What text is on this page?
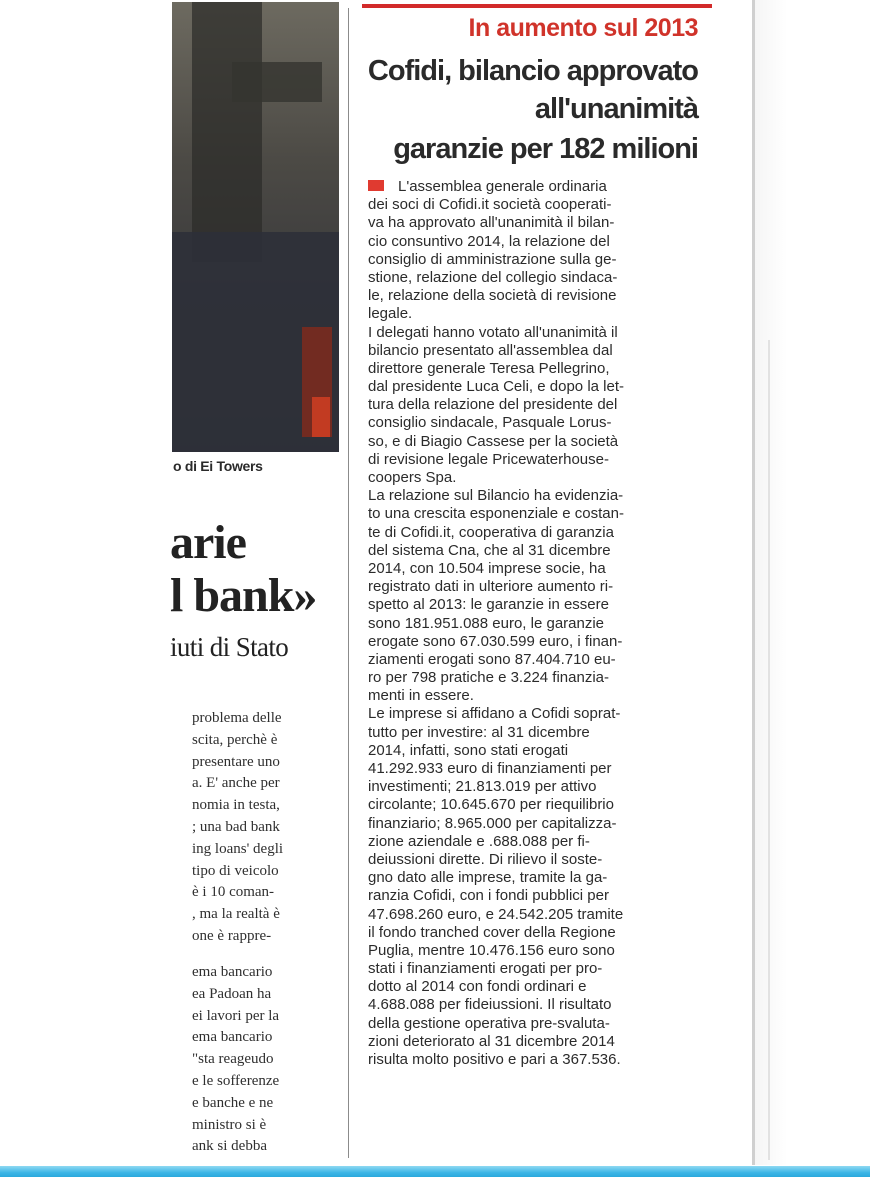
o di Ei Towers
arie
l bank»
iuti di Stato
problema delle
scita, perchè è
presentare uno
a. E' anche per
nomia in testa,
; una bad bank
ing loans' degli
tipo di veicolo
è i 10 coman-
, ma la realtà è
one è rappre-
ema bancario
ea Padoan ha
ei lavori per la
ema bancario
"sta reageudo
e le sofferenze
e banche e ne
ministro si è
ank si debba
In aumento sul 2013
Cofidi, bilancio approvato
all'unanimità
garanzie per 182 milioni
L'assemblea generale ordinaria
dei soci di Cofidi.it società cooperati-
va ha approvato all'unanimità il bilan-
cio consuntivo 2014, la relazione del
consiglio di amministrazione sulla ge-
stione, relazione del collegio sindaca-
le, relazione della società di revisione
legale.
I delegati hanno votato all'unanimità il
bilancio presentato all'assemblea dal
direttore generale Teresa Pellegrino,
dal presidente Luca Celi, e dopo la let-
tura della relazione del presidente del
consiglio sindacale, Pasquale Lorus-
so, e di Biagio Cassese per la società
di revisione legale Pricewaterhouse-
coopers Spa.
La relazione sul Bilancio ha evidenzia-
to una crescita esponenziale e costan-
te di Cofidi.it, cooperativa di garanzia
del sistema Cna, che al 31 dicembre
2014, con 10.504 imprese socie, ha
registrato dati in ulteriore aumento ri-
spetto al 2013: le garanzie in essere
sono 181.951.088 euro, le garanzie
erogate sono 67.030.599 euro, i finan-
ziamenti erogati sono 87.404.710 eu-
ro per 798 pratiche e 3.224 finanzia-
menti in essere.
Le imprese si affidano a Cofidi soprat-
tutto per investire: al 31 dicembre
2014, infatti, sono stati erogati
41.292.933 euro di finanziamenti per
investimenti; 21.813.019 per attivo
circolante; 10.645.670 per riequilibrio
finanziario; 8.965.000 per capitalizza-
zione aziendale e .688.088 per fi-
deiussioni dirette. Di rilievo il soste-
gno dato alle imprese, tramite la ga-
ranzia Cofidi, con i fondi pubblici per
47.698.260 euro, e 24.542.205 tramite
il fondo tranched cover della Regione
Puglia, mentre 10.476.156 euro sono
stati i finanziamenti erogati per pro-
dotto al 2014 con fondi ordinari e
4.688.088 per fideiussioni. Il risultato
della gestione operativa pre-svaluta-
zioni deteriorato al 31 dicembre 2014
risulta molto positivo e pari a 367.536.
